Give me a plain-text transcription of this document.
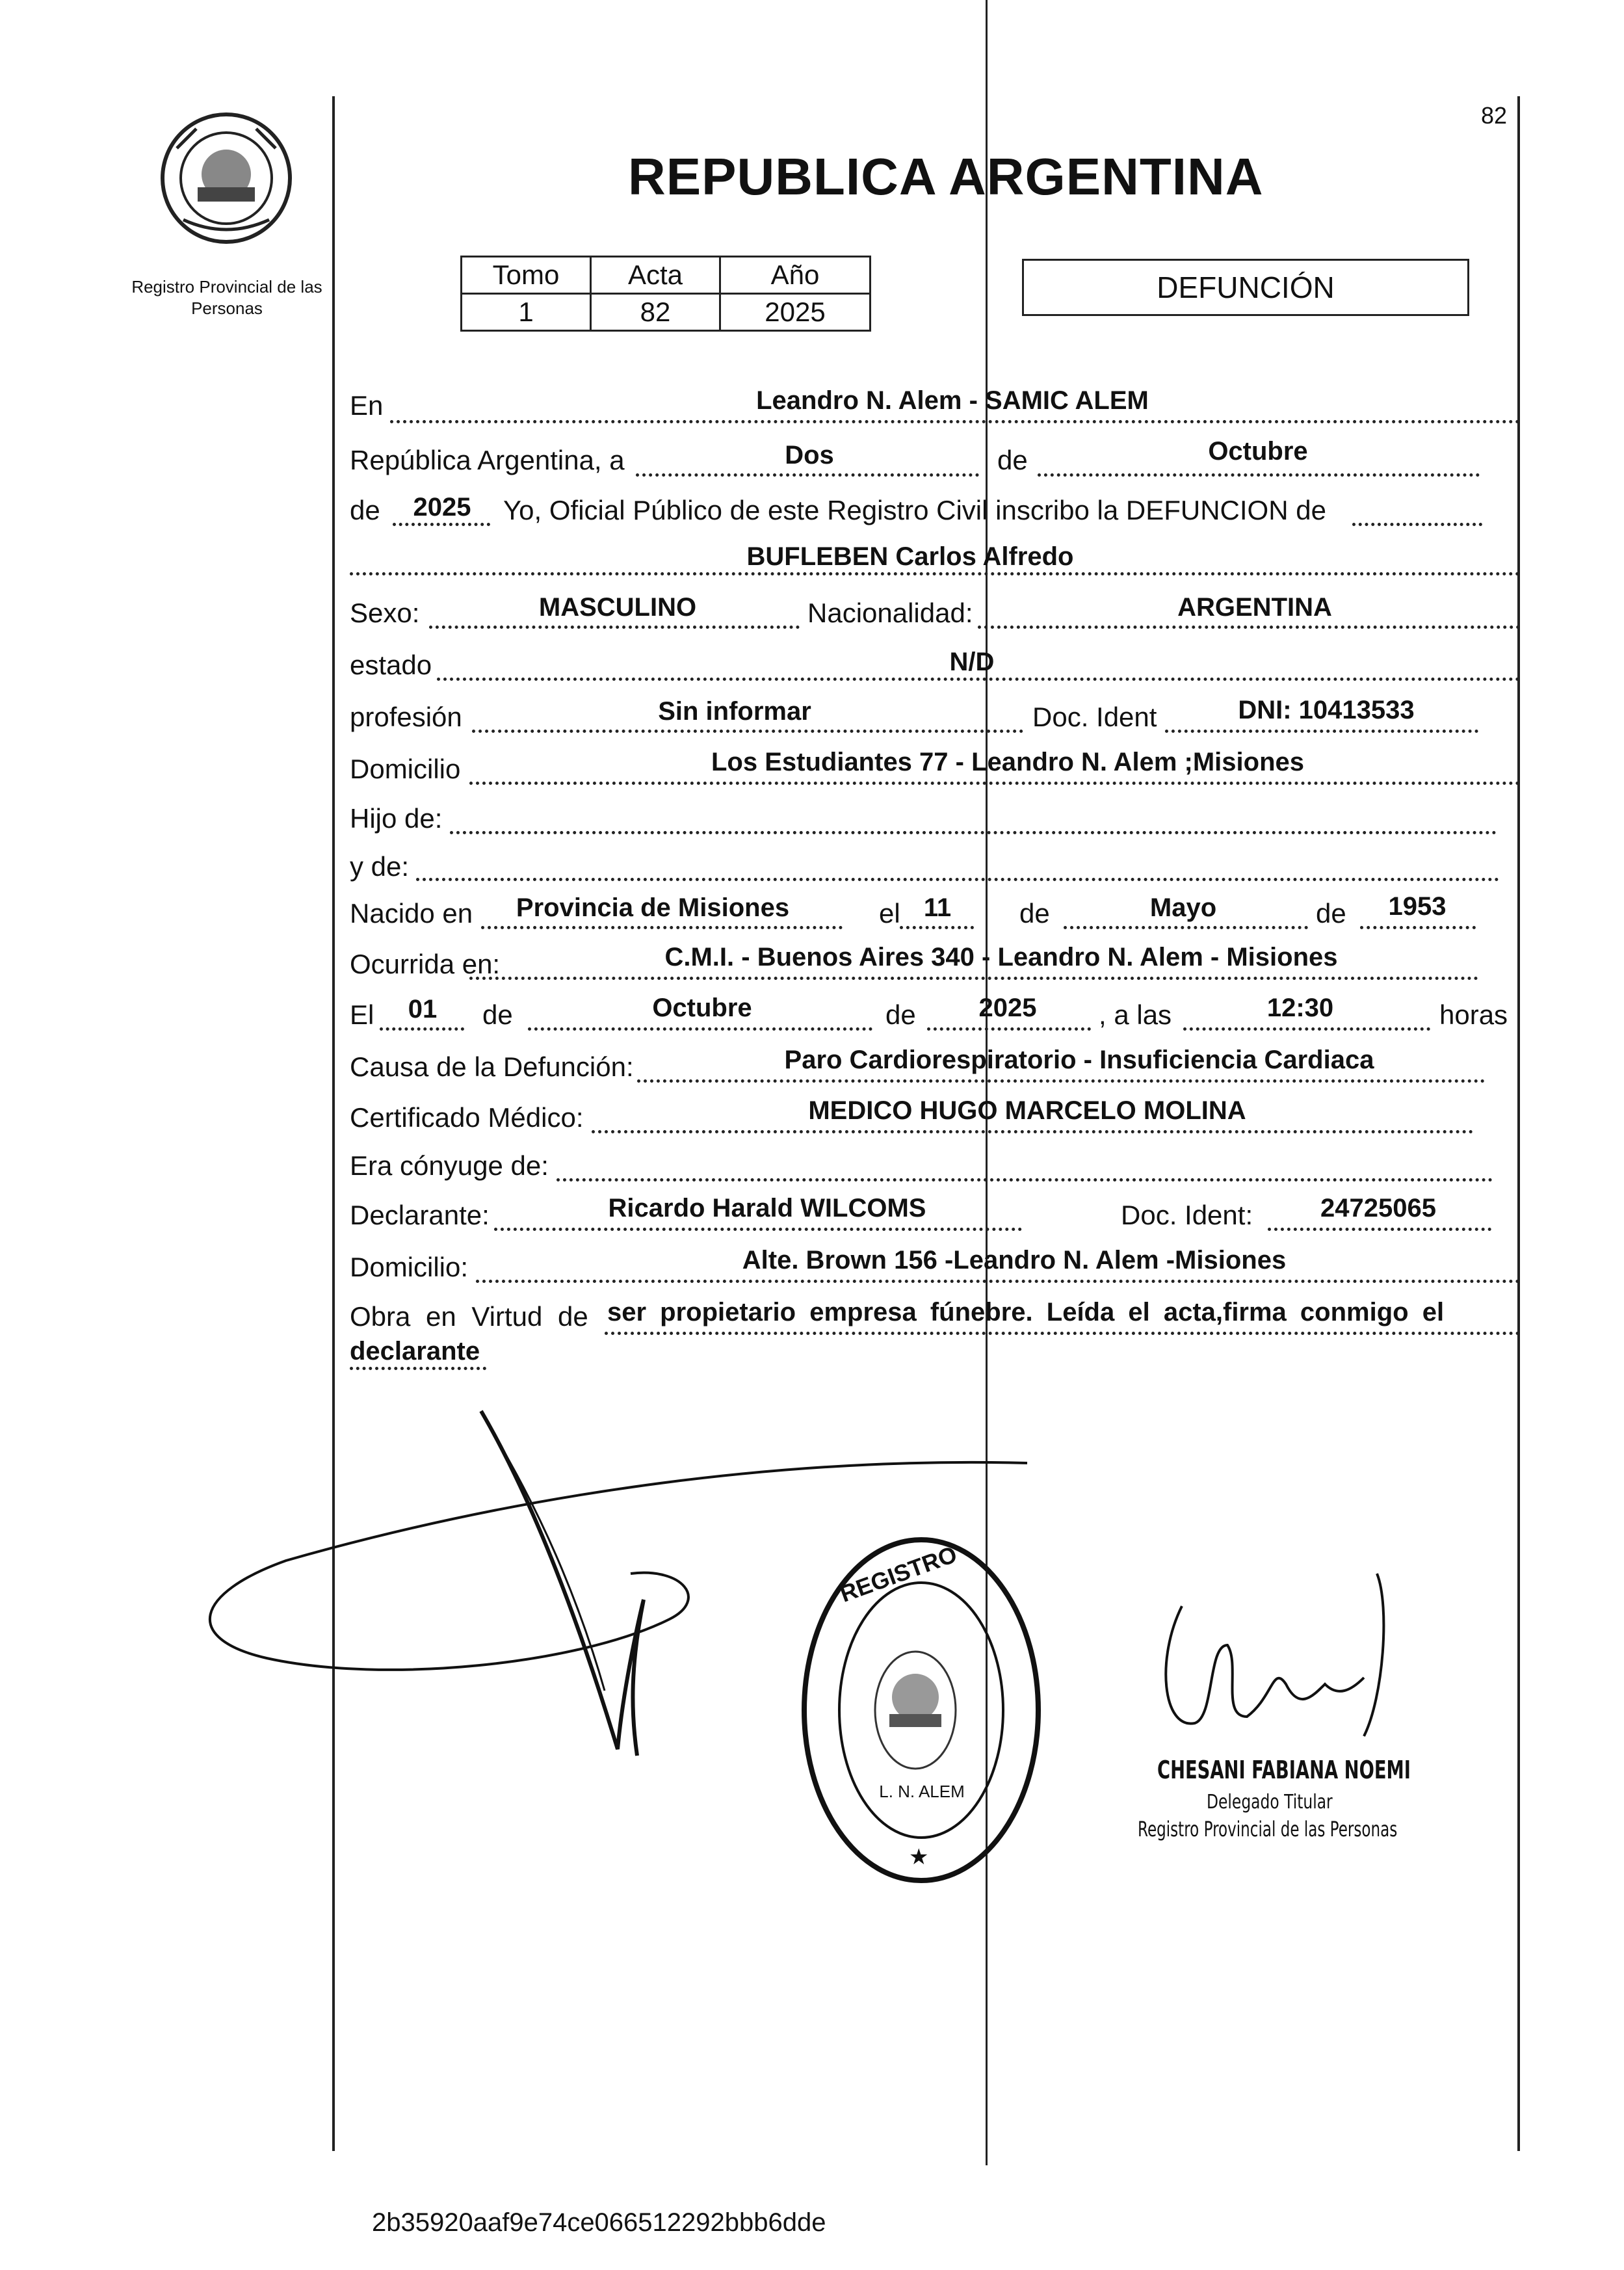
82
Registro Provincial de las Personas
REPUBLICA ARGENTINA
Tomo	Acta	Año
1	82	2025
DEFUNCIÓN
En	Leandro N. Alem - SAMIC ALEM
República Argentina, a	Dos	de	Octubre
de	2025	Yo, Oficial Público de este Registro Civil inscribo la DEFUNCION de
BUFLEBEN Carlos Alfredo
Sexo:	MASCULINO	Nacionalidad:	ARGENTINA
estado	N/D
profesión	Sin informar	Doc. Ident	DNI: 10413533
Domicilio	Los Estudiantes 77 - Leandro N. Alem ;Misiones
Hijo de:
y de:
Nacido en	Provincia de Misiones	el 11	de	Mayo	de	1953
Ocurrida en:	C.M.I. - Buenos Aires 340 - Leandro N. Alem - Misiones
El	01	de	Octubre	de	2025	, a las	12:30	horas
Causa de la Defunción:	Paro Cardiorespiratorio - Insuficiencia Cardiaca
Certificado Médico:	MEDICO HUGO MARCELO MOLINA
Era cónyuge de:
Declarante:	Ricardo Harald WILCOMS	Doc. Ident:	24725065
Domicilio:	Alte. Brown 156 -Leandro N. Alem -Misiones
Obra en Virtud de ser propietario empresa fúnebre. Leída el acta,firma conmigo el
declarante
L. N. ALEM
★
REGISTRO
CHESANI FABIANA NOEMI
Delegado Titular
Registro Provincial de las Personas
2b35920aaf9e74ce066512292bbb6dde
